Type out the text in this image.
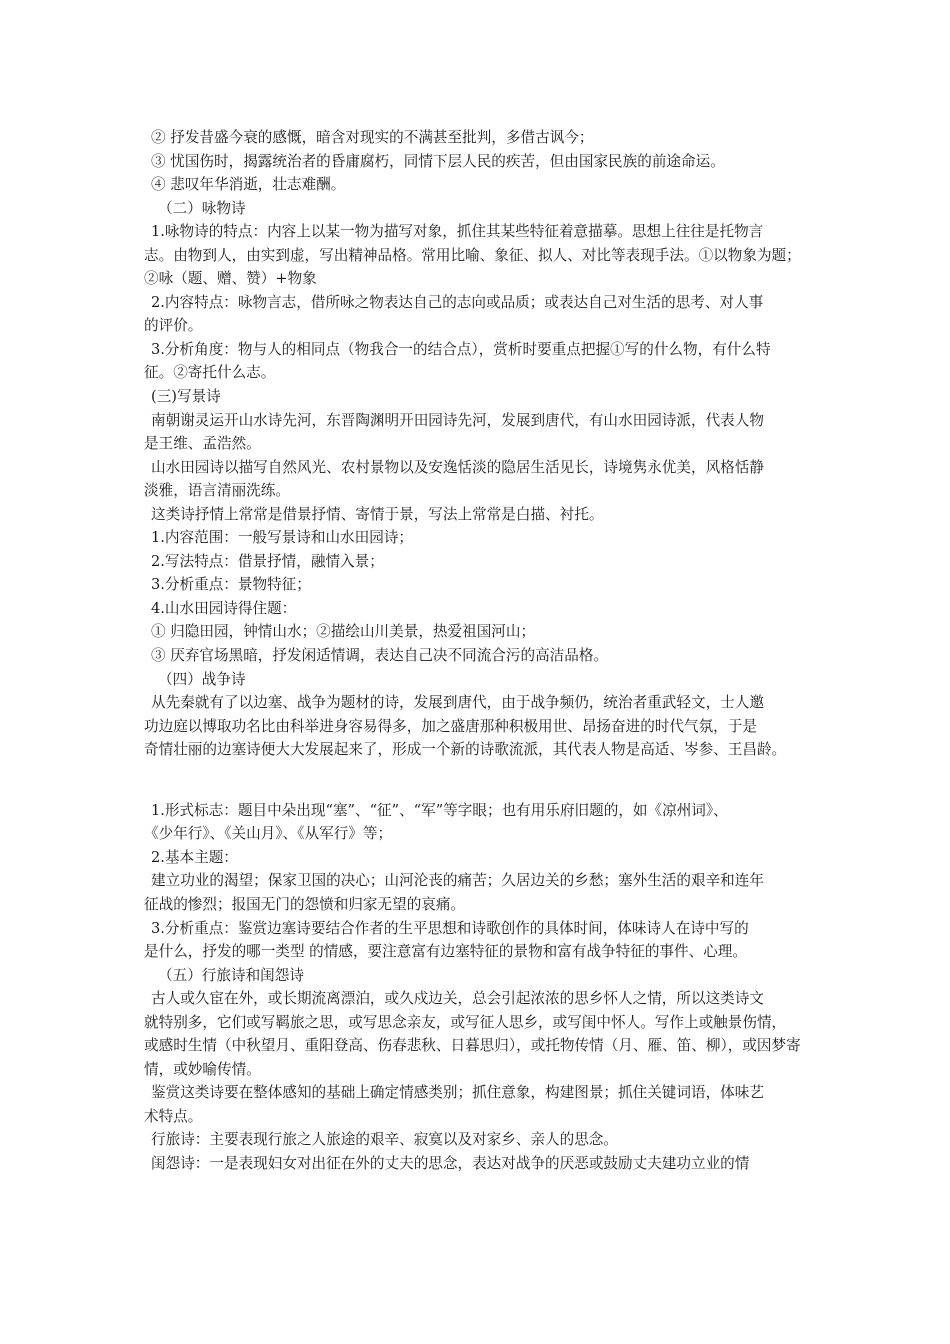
② 抒发昔盛今衰的感慨，暗含对现实的不满甚至批判，多借古讽今；
③ 忧国伤时，揭露统治者的昏庸腐朽，同情下层人民的疾苦，但由国家民族的前途命运。
④ 悲叹年华消逝，壮志难酬。
（二）咏物诗
1.咏物诗的特点：内容上以某一物为描写对象，抓住其某些特征着意描摹。思想上往往是托物言
志。由物到人，由实到虚，写出精神品格。常用比喻、象征、拟人、对比等表现手法。①以物象为题；
②咏（题、赠、赞）+物象
2.内容特点：咏物言志，借所咏之物表达自己的志向或品质；或表达自己对生活的思考、对人事
的评价。
3.分析角度：物与人的相同点（物我合一的结合点），赏析时要重点把握①写的什么物，有什么特
征。②寄托什么志。
(三)写景诗
南朝谢灵运开山水诗先河，东晋陶渊明开田园诗先河，发展到唐代，有山水田园诗派，代表人物
是王维、孟浩然。
山水田园诗以描写自然风光、农村景物以及安逸恬淡的隐居生活见长，诗境隽永优美，风格恬静
淡雅，语言清丽洗练。
这类诗抒情上常常是借景抒情、寄情于景，写法上常常是白描、衬托。
1.内容范围：一般写景诗和山水田园诗；
2.写法特点：借景抒情，融情入景；
3.分析重点：景物特征；
4.山水田园诗得住题：
① 归隐田园，钟情山水；②描绘山川美景，热爱祖国河山；
③ 厌弃官场黑暗，抒发闲适情调，表达自己决不同流合污的高洁品格。
（四）战争诗
从先秦就有了以边塞、战争为题材的诗，发展到唐代，由于战争频仍，统治者重武轻文，士人邀
功边庭以博取功名比由科举进身容易得多，加之盛唐那种积极用世、昂扬奋进的时代气氛，于是
奇情壮丽的边塞诗便大大发展起来了，形成一个新的诗歌流派，其代表人物是高适、岑参、王昌龄。
1.形式标志：题目中朵出现“塞”、“征”、“军”等字眼；也有用乐府旧题的，如《凉州词》、
《少年行》、《关山月》、《从军行》等；
2.基本主题：
建立功业的渴望；保家卫国的决心；山河沦丧的痛苦；久居边关的乡愁；塞外生活的艰辛和连年
征战的惨烈；报国无门的怨愤和归家无望的哀痛。
3.分析重点：鉴赏边塞诗要结合作者的生平思想和诗歌创作的具体时间，体味诗人在诗中写的
是什么，抒发的哪一类型 的情感，要注意富有边塞特征的景物和富有战争特征的事件、心理。
（五）行旅诗和闺怨诗
古人或久宦在外，或长期流离漂泊，或久戍边关，总会引起浓浓的思乡怀人之情，所以这类诗文
就特别多，它们或写羁旅之思，或写思念亲友，或写征人思乡，或写闺中怀人。写作上或触景伤情，
或感时生情（中秋望月、重阳登高、伤春悲秋、日暮思归），或托物传情（月、雁、笛、柳），或因梦寄
情，或妙喻传情。
鉴赏这类诗要在整体感知的基础上确定情感类别；抓住意象，构建图景；抓住关键词语，体味艺
术特点。
行旅诗：主要表现行旅之人旅途的艰辛、寂寞以及对家乡、亲人的思念。
闺怨诗：一是表现妇女对出征在外的丈夫的思念，表达对战争的厌恶或鼓励丈夫建功立业的情
